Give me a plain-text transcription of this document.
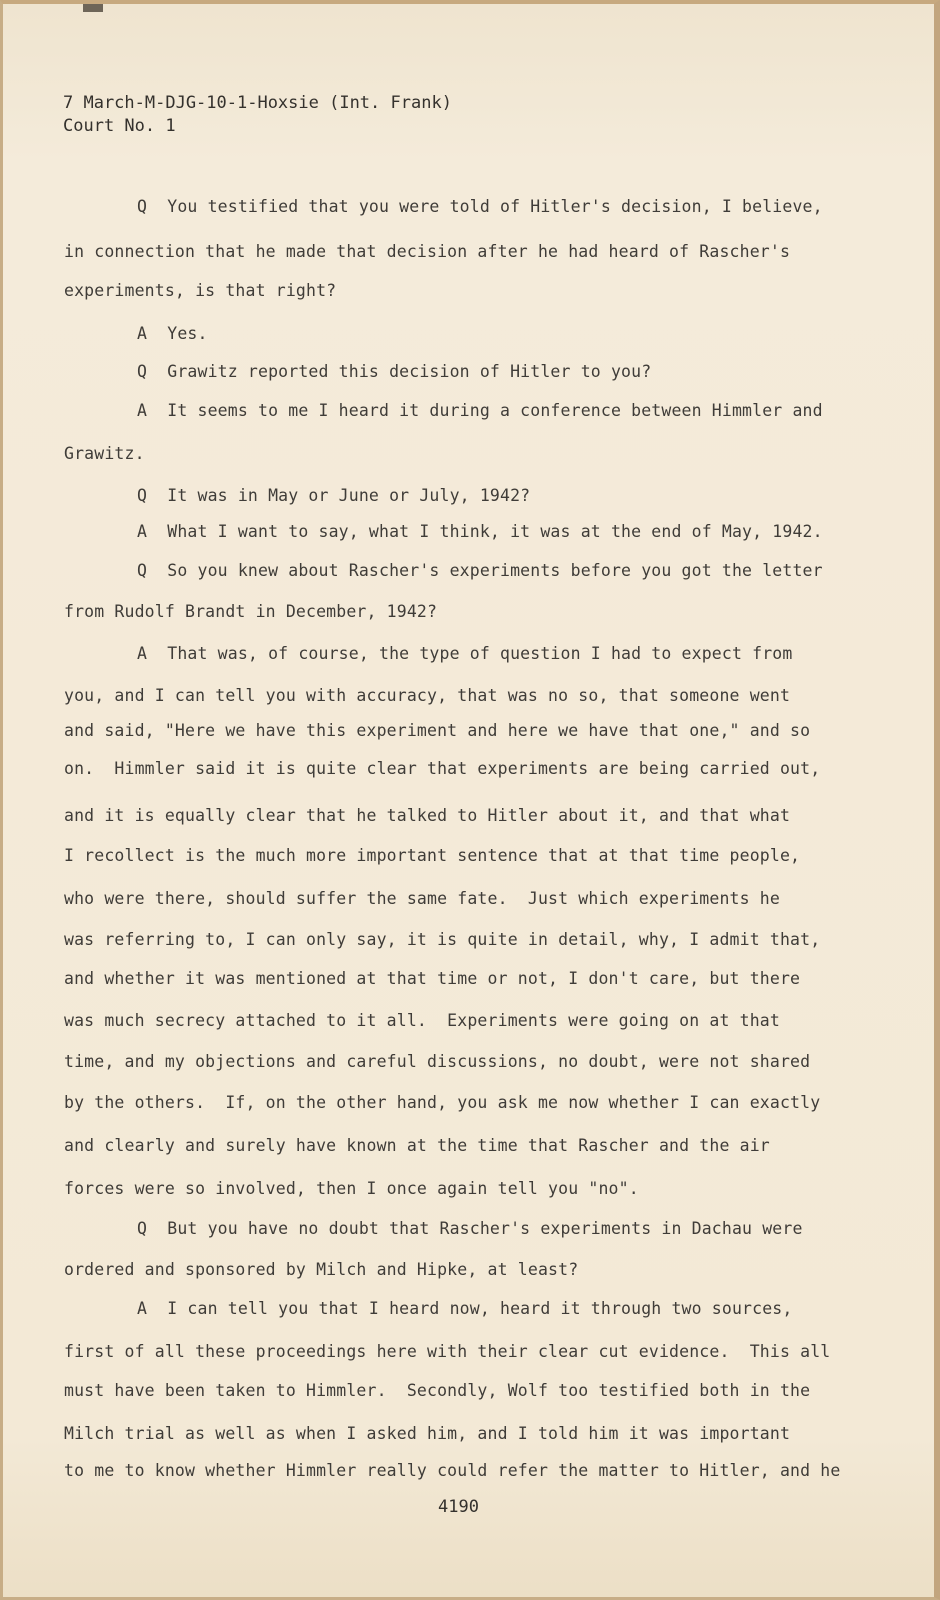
7 March-M-DJG-10-1-Hoxsie (Int. Frank)
Court No. 1
Q  You testified that you were told of Hitler's decision, I believe,
in connection that he made that decision after he had heard of Rascher's
experiments, is that right?
A  Yes.
Q  Grawitz reported this decision of Hitler to you?
A  It seems to me I heard it during a conference between Himmler and
Grawitz.
Q  It was in May or June or July, 1942?
A  What I want to say, what I think, it was at the end of May, 1942.
Q  So you knew about Rascher's experiments before you got the letter
from Rudolf Brandt in December, 1942?
A  That was, of course, the type of question I had to expect from
you, and I can tell you with accuracy, that was no so, that someone went
and said, "Here we have this experiment and here we have that one," and so
on.  Himmler said it is quite clear that experiments are being carried out,
and it is equally clear that he talked to Hitler about it, and that what
I recollect is the much more important sentence that at that time people,
who were there, should suffer the same fate.  Just which experiments he
was referring to, I can only say, it is quite in detail, why, I admit that,
and whether it was mentioned at that time or not, I don't care, but there
was much secrecy attached to it all.  Experiments were going on at that
time, and my objections and careful discussions, no doubt, were not shared
by the others.  If, on the other hand, you ask me now whether I can exactly
and clearly and surely have known at the time that Rascher and the air
forces were so involved, then I once again tell you "no".
Q  But you have no doubt that Rascher's experiments in Dachau were
ordered and sponsored by Milch and Hipke, at least?
A  I can tell you that I heard now, heard it through two sources,
first of all these proceedings here with their clear cut evidence.  This all
must have been taken to Himmler.  Secondly, Wolf too testified both in the
Milch trial as well as when I asked him, and I told him it was important
to me to know whether Himmler really could refer the matter to Hitler, and he
4190
